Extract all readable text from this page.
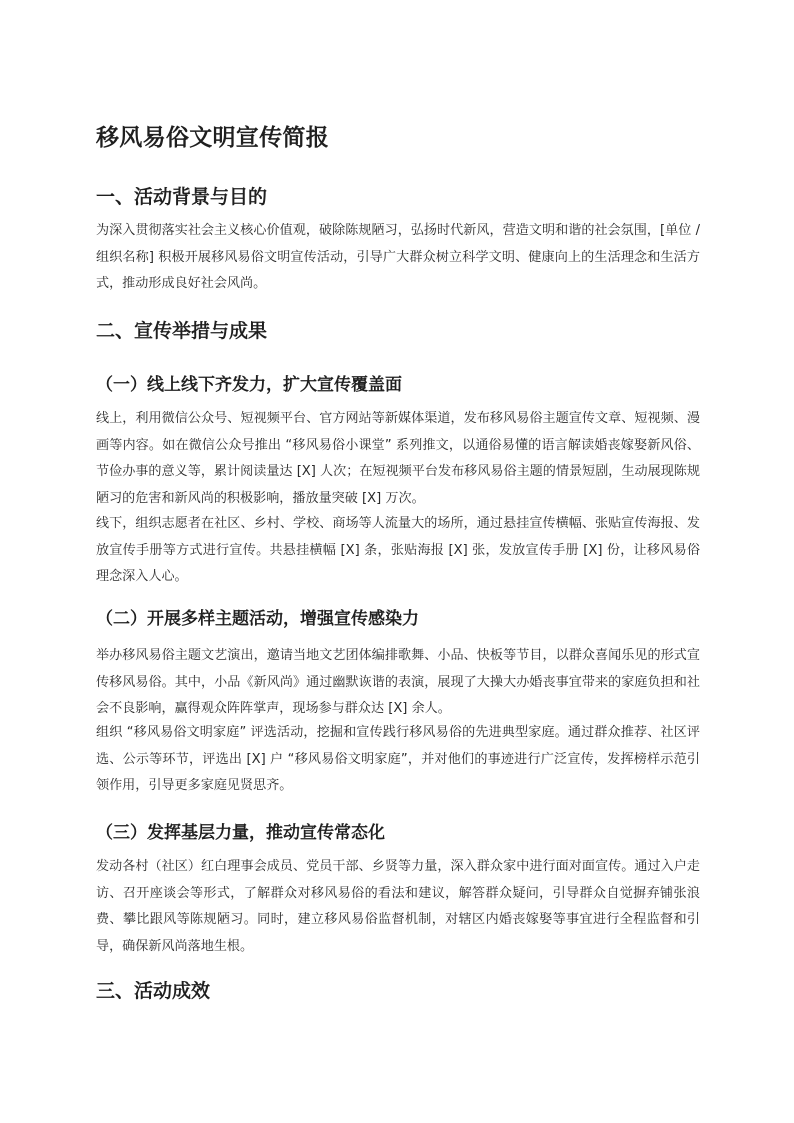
移风易俗文明宣传简报
一、活动背景与目的

为深入贯彻落实社会主义核心价值观，破除陈规陋习，弘扬时代新风，营造文明和谐的社会氛围，[单位 / 组织名称] 积极开展移风易俗文明宣传活动，引导广大群众树立科学文明、健康向上的生活理念和生活方式，推动形成良好社会风尚。

二、宣传举措与成果
（一）线上线下齐发力，扩大宣传覆盖面

线上，利用微信公众号、短视频平台、官方网站等新媒体渠道，发布移风易俗主题宣传文章、短视频、漫画等内容。如在微信公众号推出 “移风易俗小课堂” 系列推文，以通俗易懂的语言解读婚丧嫁娶新风俗、节俭办事的意义等，累计阅读量达 [X] 人次；在短视频平台发布移风易俗主题的情景短剧，生动展现陈规陋习的危害和新风尚的积极影响，播放量突破 [X] 万次。

线下，组织志愿者在社区、乡村、学校、商场等人流量大的场所，通过悬挂宣传横幅、张贴宣传海报、发放宣传手册等方式进行宣传。共悬挂横幅 [X] 条，张贴海报 [X] 张，发放宣传手册 [X] 份，让移风易俗理念深入人心。

（二）开展多样主题活动，增强宣传感染力

举办移风易俗主题文艺演出，邀请当地文艺团体编排歌舞、小品、快板等节目，以群众喜闻乐见的形式宣传移风易俗。其中，小品《新风尚》通过幽默诙谐的表演，展现了大操大办婚丧事宜带来的家庭负担和社会不良影响，赢得观众阵阵掌声，现场参与群众达 [X] 余人。

组织 “移风易俗文明家庭” 评选活动，挖掘和宣传践行移风易俗的先进典型家庭。通过群众推荐、社区评选、公示等环节，评选出 [X] 户 “移风易俗文明家庭”，并对他们的事迹进行广泛宣传，发挥榜样示范引领作用，引导更多家庭见贤思齐。

（三）发挥基层力量，推动宣传常态化

发动各村（社区）红白理事会成员、党员干部、乡贤等力量，深入群众家中进行面对面宣传。通过入户走访、召开座谈会等形式，了解群众对移风易俗的看法和建议，解答群众疑问，引导群众自觉摒弃铺张浪费、攀比跟风等陈规陋习。同时，建立移风易俗监督机制，对辖区内婚丧嫁娶等事宜进行全程监督和引导，确保新风尚落地生根。

三、活动成效
